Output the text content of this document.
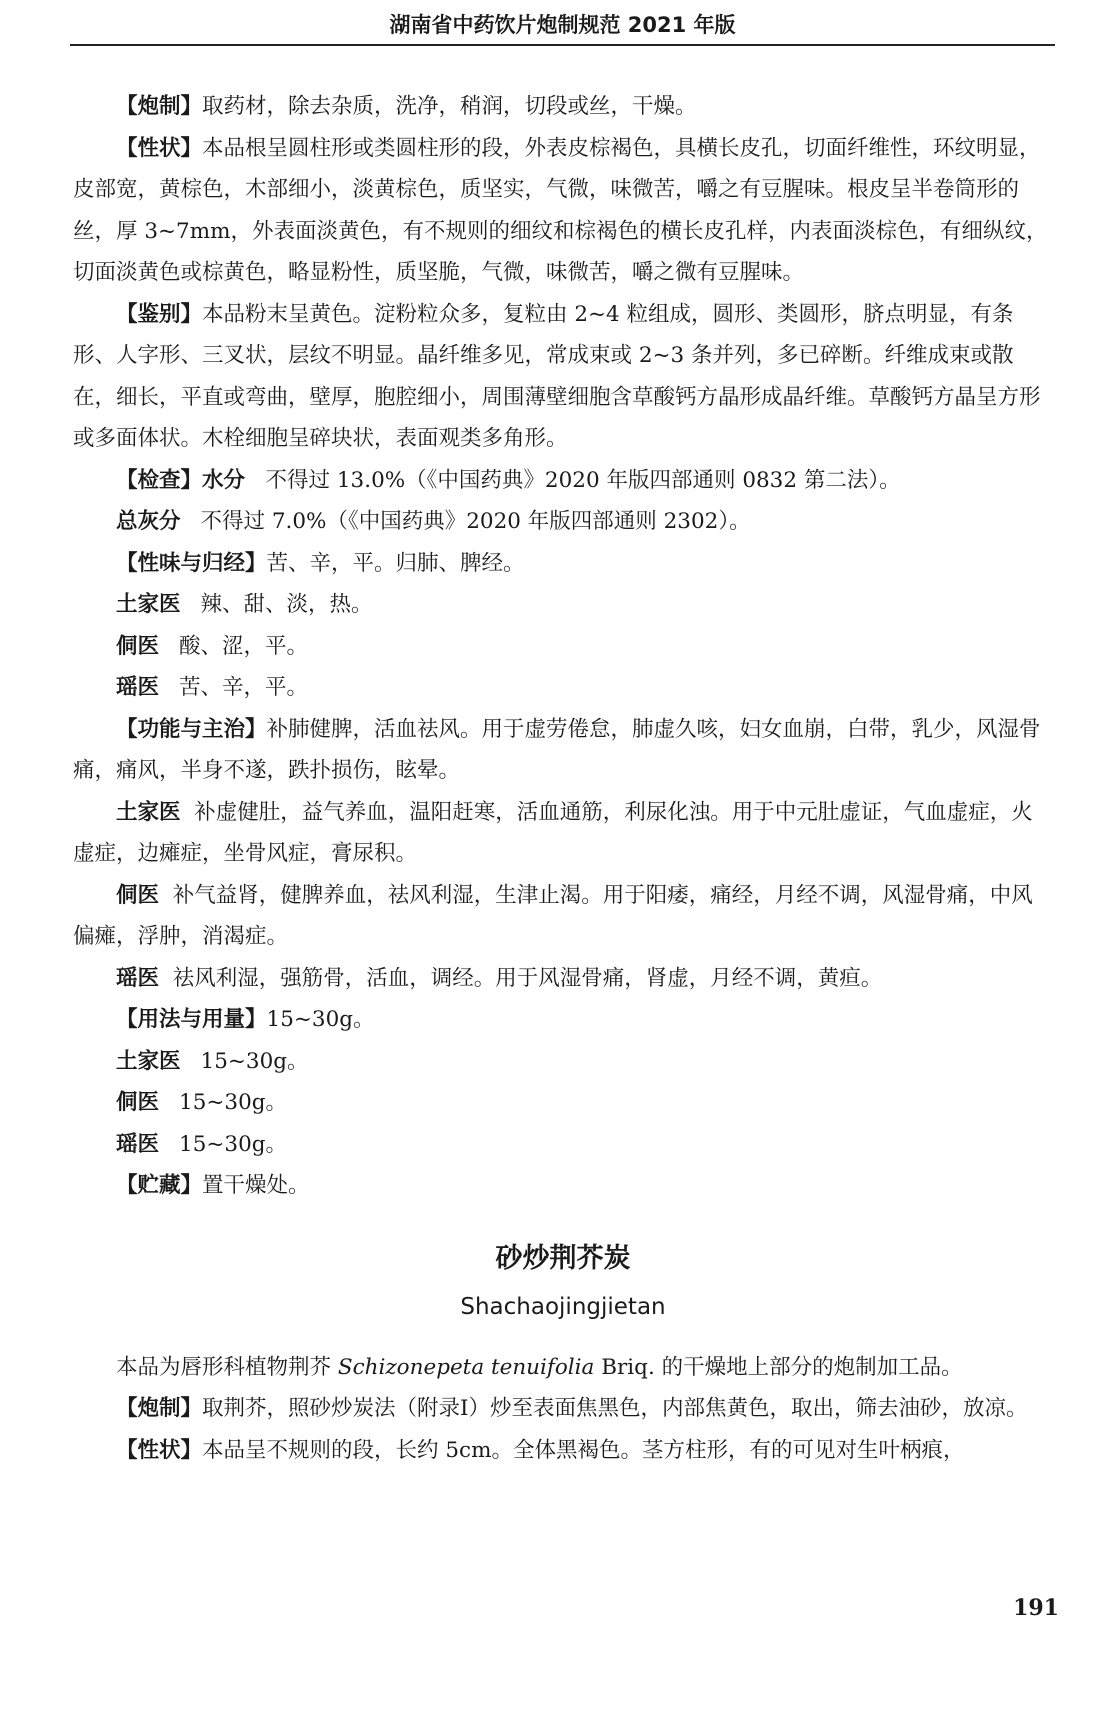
湖南省中药饮片炮制规范 2021 年版

【炮制】取药材，除去杂质，洗净，稍润，切段或丝，干燥。

【性状】本品根呈圆柱形或类圆柱形的段，外表皮棕褐色，具横长皮孔，切面纤维性，环纹明显，皮部宽，黄棕色，木部细小，淡黄棕色，质坚实，气微，味微苦，嚼之有豆腥味。根皮呈半卷筒形的丝，厚 3~7mm，外表面淡黄色，有不规则的细纹和棕褐色的横长皮孔样，内表面淡棕色，有细纵纹，切面淡黄色或棕黄色，略显粉性，质坚脆，气微，味微苦，嚼之微有豆腥味。

【鉴别】本品粉末呈黄色。淀粉粒众多，复粒由 2~4 粒组成，圆形、类圆形，脐点明显，有条形、人字形、三叉状，层纹不明显。晶纤维多见，常成束或 2~3 条并列，多已碎断。纤维成束或散在，细长，平直或弯曲，壁厚，胞腔细小，周围薄壁细胞含草酸钙方晶形成晶纤维。草酸钙方晶呈方形或多面体状。木栓细胞呈碎块状，表面观类多角形。

【检查】水分 不得过 13.0%（《中国药典》2020 年版四部通则 0832 第二法）。

总灰分 不得过 7.0%（《中国药典》2020 年版四部通则 2302）。

【性味与归经】苦、辛，平。归肺、脾经。

土家医 辣、甜、淡，热。

侗医 酸、涩，平。

瑶医 苦、辛，平。

【功能与主治】补肺健脾，活血祛风。用于虚劳倦怠，肺虚久咳，妇女血崩，白带，乳少，风湿骨痛，痛风，半身不遂，跌扑损伤，眩晕。

土家医 补虚健肚，益气养血，温阳赶寒，活血通筋，利尿化浊。用于中元肚虚证，气血虚症，火虚症，边瘫症，坐骨风症，膏尿积。

侗医 补气益肾，健脾养血，祛风利湿，生津止渴。用于阳痿，痛经，月经不调，风湿骨痛，中风偏瘫，浮肿，消渴症。

瑶医 祛风利湿，强筋骨，活血，调经。用于风湿骨痛，肾虚，月经不调，黄疸。

【用法与用量】15~30g。

土家医 15~30g。

侗医 15~30g。

瑶医 15~30g。

【贮藏】置干燥处。

砂炒荆芥炭
Shachaojingjietan

本品为唇形科植物荆芥 Schizonepeta tenuifolia Briq. 的干燥地上部分的炮制加工品。

【炮制】取荆芥，照砂炒炭法（附录Ⅰ）炒至表面焦黑色，内部焦黄色，取出，筛去油砂，放凉。

【性状】本品呈不规则的段，长约 5cm。全体黑褐色。茎方柱形，有的可见对生叶柄痕，

191
